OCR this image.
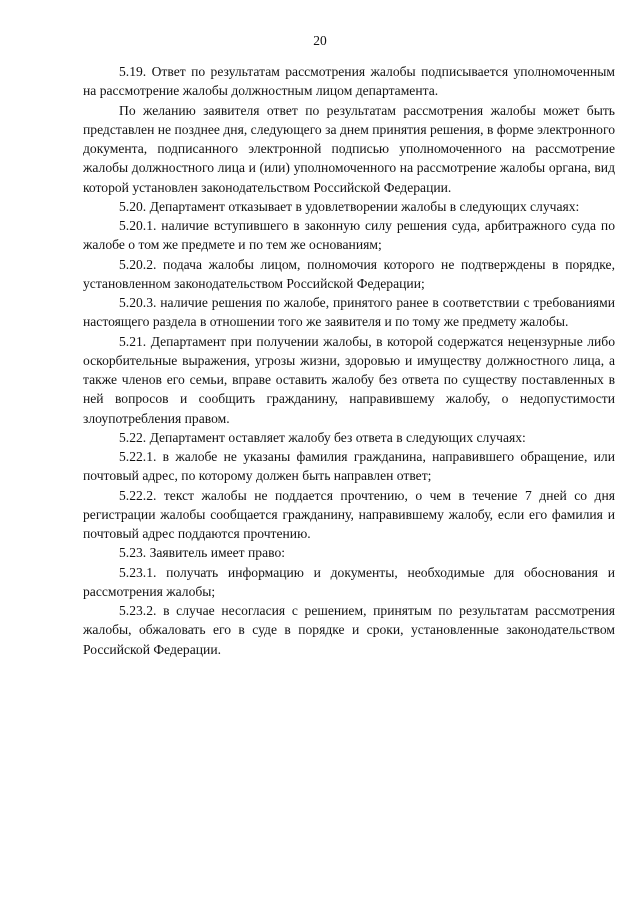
20

5.19. Ответ по результатам рассмотрения жалобы подписывается уполномоченным на рассмотрение жалобы должностным лицом департамента.

По желанию заявителя ответ по результатам рассмотрения жалобы может быть представлен не позднее дня, следующего за днем принятия решения, в форме электронного документа, подписанного электронной подписью уполномоченного на рассмотрение жалобы должностного лица и (или) уполномоченного на рассмотрение жалобы органа, вид которой установлен законодательством Российской Федерации.

5.20. Департамент отказывает в удовлетворении жалобы в следующих случаях:

5.20.1. наличие вступившего в законную силу решения суда, арбитражного суда по жалобе о том же предмете и по тем же основаниям;

5.20.2. подача жалобы лицом, полномочия которого не подтверждены в порядке, установленном законодательством Российской Федерации;

5.20.3. наличие решения по жалобе, принятого ранее в соответствии с требованиями настоящего раздела в отношении того же заявителя и по тому же предмету жалобы.

5.21. Департамент при получении жалобы, в которой содержатся нецензурные либо оскорбительные выражения, угрозы жизни, здоровью и имуществу должностного лица, а также членов его семьи, вправе оставить жалобу без ответа по существу поставленных в ней вопросов и сообщить гражданину, направившему жалобу, о недопустимости злоупотребления правом.

5.22. Департамент оставляет жалобу без ответа в следующих случаях:

5.22.1. в жалобе не указаны фамилия гражданина, направившего обращение, или почтовый адрес, по которому должен быть направлен ответ;

5.22.2. текст жалобы не поддается прочтению, о чем в течение 7 дней со дня регистрации жалобы сообщается гражданину, направившему жалобу, если его фамилия и почтовый адрес поддаются прочтению.

5.23. Заявитель имеет право:

5.23.1. получать информацию и документы, необходимые для обоснования и рассмотрения жалобы;

5.23.2. в случае несогласия с решением, принятым по результатам рассмотрения жалобы, обжаловать его в суде в порядке и сроки, установленные законодательством Российской Федерации.
